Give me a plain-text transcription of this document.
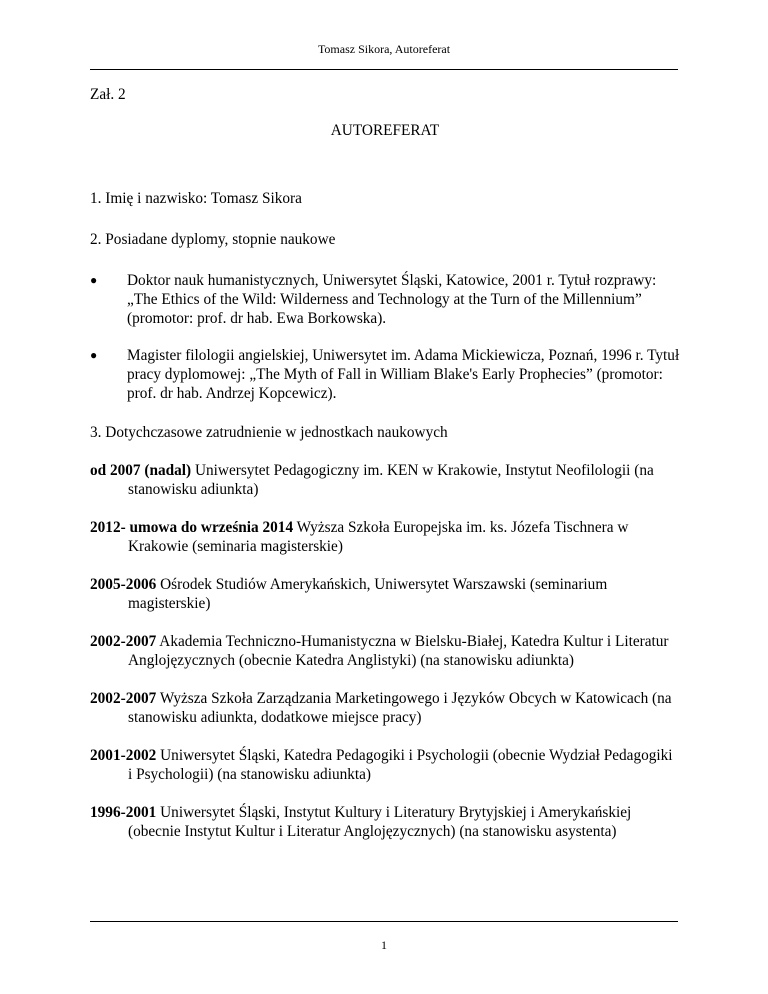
Tomasz Sikora, Autoreferat

Zał. 2

AUTOREFERAT

1. Imię i nazwisko: Tomasz Sikora

2. Posiadane dyplomy, stopnie naukowe

● Doktor nauk humanistycznych, Uniwersytet Śląski, Katowice, 2001 r. Tytuł rozprawy: „The Ethics of the Wild: Wilderness and Technology at the Turn of the Millennium” (promotor: prof. dr hab. Ewa Borkowska).
● Magister filologii angielskiej, Uniwersytet im. Adama Mickiewicza, Poznań, 1996 r. Tytuł pracy dyplomowej: „The Myth of Fall in William Blake's Early Prophecies” (promotor: prof. dr hab. Andrzej Kopcewicz).

3. Dotychczasowe zatrudnienie w jednostkach naukowych

od 2007 (nadal) Uniwersytet Pedagogiczny im. KEN w Krakowie, Instytut Neofilologii (na stanowisku adiunkta)

2012- umowa do września 2014 Wyższa Szkoła Europejska im. ks. Józefa Tischnera w Krakowie (seminaria magisterskie)

2005-2006 Ośrodek Studiów Amerykańskich, Uniwersytet Warszawski (seminarium magisterskie)

2002-2007 Akademia Techniczno-Humanistyczna w Bielsku-Białej, Katedra Kultur i Literatur Anglojęzycznych (obecnie Katedra Anglistyki) (na stanowisku adiunkta)

2002-2007 Wyższa Szkoła Zarządzania Marketingowego i Języków Obcych w Katowicach (na stanowisku adiunkta, dodatkowe miejsce pracy)

2001-2002 Uniwersytet Śląski, Katedra Pedagogiki i Psychologii (obecnie Wydział Pedagogiki i Psychologii) (na stanowisku adiunkta)

1996-2001 Uniwersytet Śląski, Instytut Kultury i Literatury Brytyjskiej i Amerykańskiej (obecnie Instytut Kultur i Literatur Anglojęzycznych) (na stanowisku asystenta)

1
